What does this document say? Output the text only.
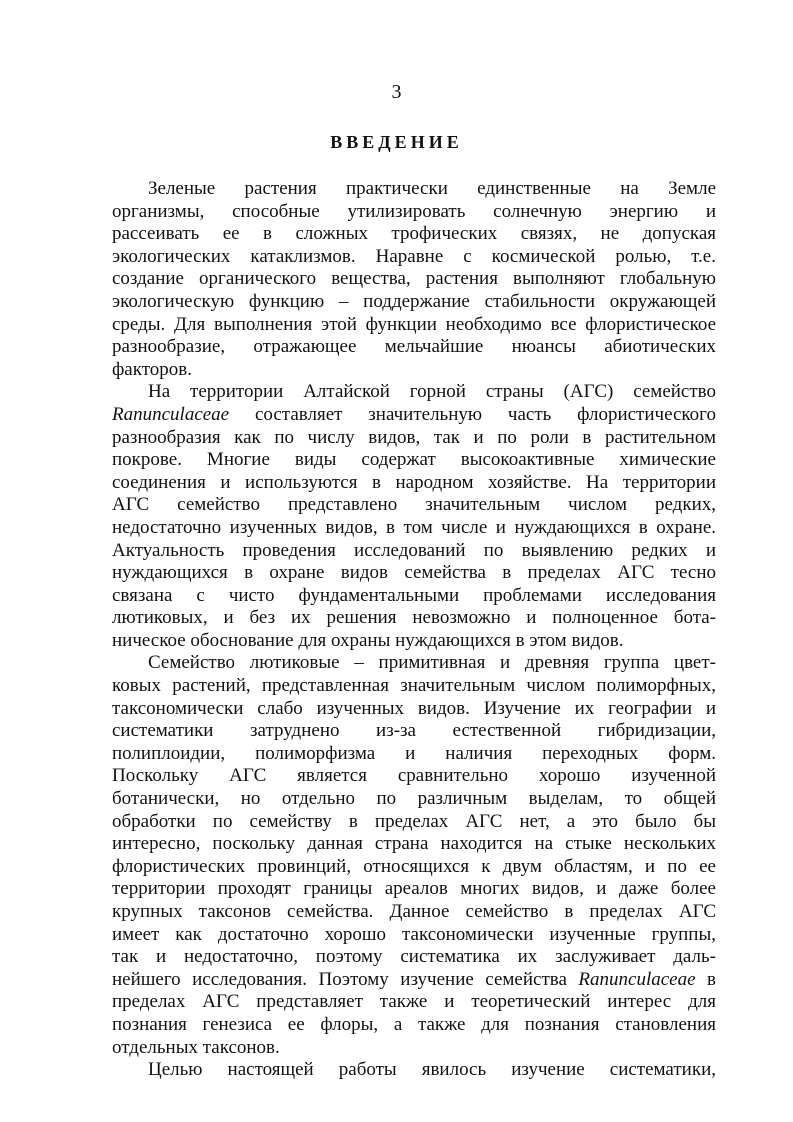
3
ВВЕДЕНИЕ
Зеленые растения практически единственные на Земле
организмы, способные утилизировать солнечную энергию и
рассеивать ее в сложных трофических связях, не допуская
экологических катаклизмов. Наравне с космической ролью, т.е.
создание органического вещества, растения выполняют глобальную
экологическую функцию – поддержание стабильности окружающей
среды. Для выполнения этой функции необходимо все флористическое
разнообразие, отражающее мельчайшие нюансы абиотических
факторов.
На территории Алтайской горной страны (АГС) семейство
Ranunculaceae составляет значительную часть флористического
разнообразия как по числу видов, так и по роли в растительном
покрове. Многие виды содержат высокоактивные химические
соединения и используются в народном хозяйстве. На территории
АГС семейство представлено значительным числом редких,
недостаточно изученных видов, в том числе и нуждающихся в охране.
Актуальность проведения исследований по выявлению редких и
нуждающихся в охране видов семейства в пределах АГС тесно
связана с чисто фундаментальными проблемами исследования
лютиковых, и без их решения невозможно и полноценное бота-
ническое обоснование для охраны нуждающихся в этом видов.
Семейство лютиковые – примитивная и древняя группа цвет-
ковых растений, представленная значительным числом полиморфных,
таксономически слабо изученных видов. Изучение их географии и
систематики затруднено из-за естественной гибридизации,
полиплоидии, полиморфизма и наличия переходных форм.
Поскольку АГС является сравнительно хорошо изученной
ботанически, но отдельно по различным выделам, то общей
обработки по семейству в пределах АГС нет, а это было бы
интересно, поскольку данная страна находится на стыке нескольких
флористических провинций, относящихся к двум областям, и по ее
территории проходят границы ареалов многих видов, и даже более
крупных таксонов семейства. Данное семейство в пределах АГС
имеет как достаточно хорошо таксономически изученные группы,
так и недостаточно, поэтому систематика их заслуживает даль-
нейшего исследования. Поэтому изучение семейства Ranunculaceae в
пределах АГС представляет также и теоретический интерес для
познания генезиса ее флоры, а также для познания становления
отдельных таксонов.
Целью настоящей работы явилось изучение систематики,
